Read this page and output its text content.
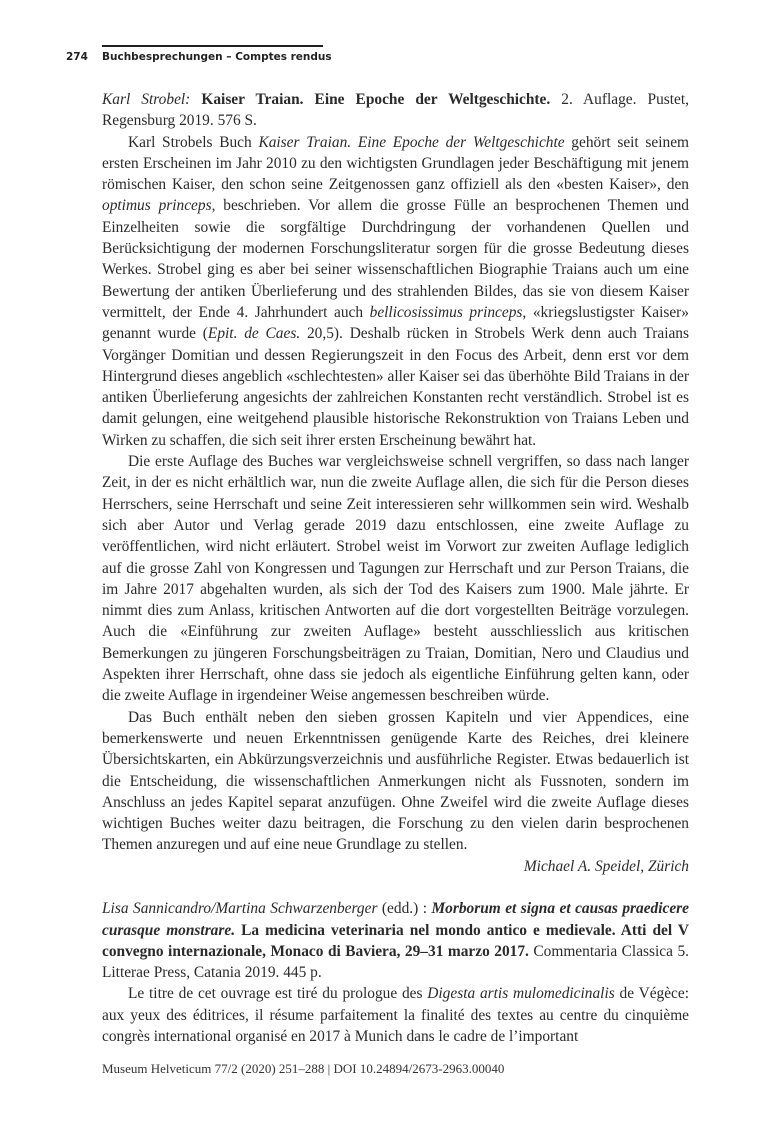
274 Buchbesprechungen – Comptes rendus

Karl Strobel: Kaiser Traian. Eine Epoche der Weltgeschichte. 2. Auflage. Pustet, Regensburg 2019. 576 S.

Karl Strobels Buch Kaiser Traian. Eine Epoche der Weltgeschichte gehört seit seinem ersten Erscheinen im Jahr 2010 zu den wichtigsten Grundlagen jeder Beschäftigung mit jenem römischen Kaiser, den schon seine Zeitgenossen ganz offiziell als den «besten Kaiser», den optimus princeps, beschrieben. Vor allem die grosse Fülle an besprochenen Themen und Einzelheiten sowie die sorgfältige Durchdringung der vorhandenen Quellen und Berücksichtigung der modernen Forschungsliteratur sorgen für die grosse Bedeutung dieses Werkes. Strobel ging es aber bei seiner wissenschaftlichen Biographie Traians auch um eine Bewertung der antiken Überlieferung und des strahlenden Bildes, das sie von diesem Kaiser vermittelt, der Ende 4. Jahrhundert auch bellicosissimus princeps, «kriegslustigster Kaiser» genannt wurde (Epit. de Caes. 20,5). Deshalb rücken in Strobels Werk denn auch Traians Vorgänger Domitian und dessen Regierungszeit in den Focus des Arbeit, denn erst vor dem Hintergrund dieses angeblich «schlechtesten» aller Kaiser sei das überhöhte Bild Traians in der antiken Überlieferung angesichts der zahlreichen Konstanten recht verständlich. Strobel ist es damit gelungen, eine weitgehend plausible historische Rekonstruktion von Traians Leben und Wirken zu schaffen, die sich seit ihrer ersten Erscheinung bewährt hat.

Die erste Auflage des Buches war vergleichsweise schnell vergriffen, so dass nach langer Zeit, in der es nicht erhältlich war, nun die zweite Auflage allen, die sich für die Person dieses Herrschers, seine Herrschaft und seine Zeit interessieren sehr willkommen sein wird. Weshalb sich aber Autor und Verlag gerade 2019 dazu entschlossen, eine zweite Auflage zu veröffentlichen, wird nicht erläutert. Strobel weist im Vorwort zur zweiten Auflage lediglich auf die grosse Zahl von Kongressen und Tagungen zur Herrschaft und zur Person Traians, die im Jahre 2017 abgehalten wurden, als sich der Tod des Kaisers zum 1900. Male jährte. Er nimmt dies zum Anlass, kritischen Antworten auf die dort vorgestellten Beiträge vorzulegen. Auch die «Einführung zur zweiten Auflage» besteht ausschliesslich aus kritischen Bemerkungen zu jüngeren Forschungsbeiträgen zu Traian, Domitian, Nero und Claudius und Aspekten ihrer Herrschaft, ohne dass sie jedoch als eigentliche Einführung gelten kann, oder die zweite Auflage in irgendeiner Weise angemessen beschreiben würde.

Das Buch enthält neben den sieben grossen Kapiteln und vier Appendices, eine bemerkenswerte und neuen Erkenntnissen genügende Karte des Reiches, drei kleinere Übersichtskarten, ein Abkürzungsverzeichnis und ausführliche Register. Etwas bedauerlich ist die Entscheidung, die wissenschaftlichen Anmerkungen nicht als Fussnoten, sondern im Anschluss an jedes Kapitel separat anzufügen. Ohne Zweifel wird die zweite Auflage dieses wichtigen Buches weiter dazu beitragen, die Forschung zu den vielen darin besprochenen Themen anzuregen und auf eine neue Grundlage zu stellen.

Michael A. Speidel, Zürich

Lisa Sannicandro/Martina Schwarzenberger (edd.) : Morborum et signa et causas praedicere curasque monstrare. La medicina veterinaria nel mondo antico e medievale. Atti del V convegno internazionale, Monaco di Baviera, 29–31 marzo 2017. Commentaria Classica 5. Litterae Press, Catania 2019. 445 p.

Le titre de cet ouvrage est tiré du prologue des Digesta artis mulomedicinalis de Végèce: aux yeux des éditrices, il résume parfaitement la finalité des textes au centre du cinquième congrès international organisé en 2017 à Munich dans le cadre de l’important

Museum Helveticum 77/2 (2020) 251–288 | DOI 10.24894/2673-2963.00040
